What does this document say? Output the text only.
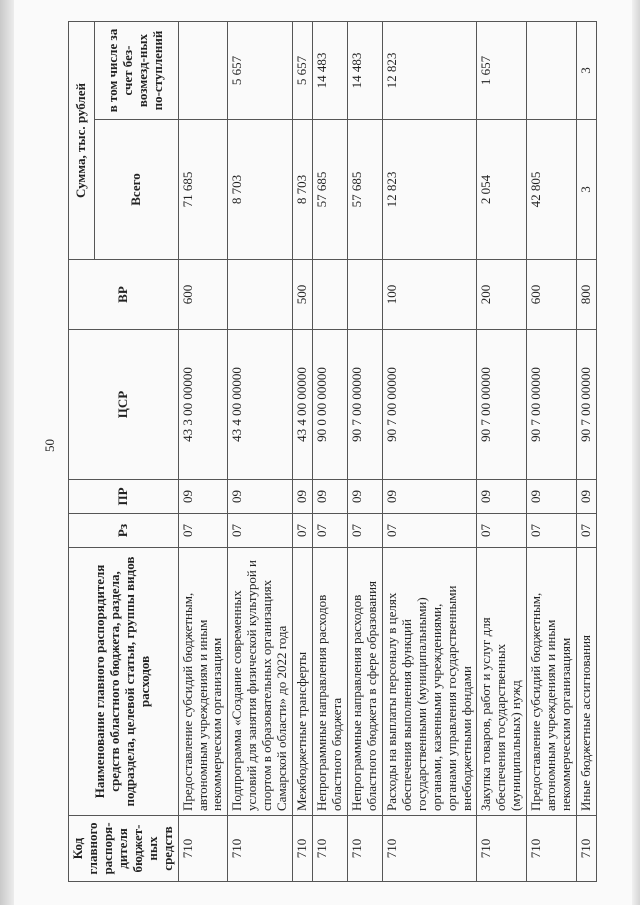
50
Код главного распоря-дителя бюджет-ных средств	Наименование главного распорядителя средств областного бюджета, раздела, подраздела, целевой статьи, группы видов расходов	Рз	ПР	ЦСР	ВР	Сумма, тыс. рублей	
						Всего	в том числе за счет без-возмезд-ных по-ступлений
710	Предоставление субсидий бюджетным, автономным учреждениям и иным некоммерческим организациям	07	09	43 3 00 00000	600	71 685	
710	Подпрограмма «Создание современных условий для занятия физической культурой и спортом в образовательных организациях Самарской области» до 2022 года	07	09	43 4 00 00000		8 703	5 657
710	Межбюджетные трансферты	07	09	43 4 00 00000	500	8 703	5 657
710	Непрограммные направления расходов областного бюджета	07	09	90 0 00 00000		57 685	14 483
710	Непрограммные направления расходов областного бюджета в сфере образования	07	09	90 7 00 00000		57 685	14 483
710	Расходы на выплаты персоналу в целях обеспечения выполнения функций государственными (муниципальными) органами, казенными учреждениями, органами управления государственными внебюджетными фондами	07	09	90 7 00 00000	100	12 823	12 823
710	Закупка товаров, работ и услуг для обеспечения государственных (муниципальных) нужд	07	09	90 7 00 00000	200	2 054	1 657
710	Предоставление субсидий бюджетным, автономным учреждениям и иным некоммерческим организациям	07	09	90 7 00 00000	600	42 805	
710	Иные бюджетные ассигнования	07	09	90 7 00 00000	800	3	3
